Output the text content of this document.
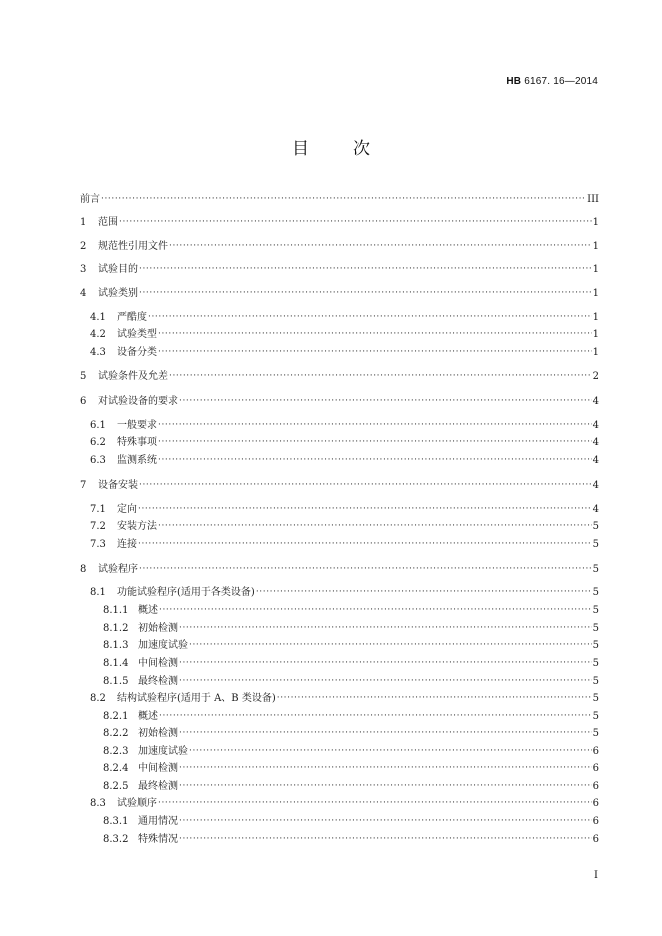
HB 6167. 16—2014
目次
前言 ·····	III
1	范围 ·····	1
2	规范性引用文件 ·····	1
3	试验目的 ·····	1
4	试验类别 ·····	1
4.1	严酷度 ·····	1
4.2	试验类型 ·····	1
4.3	设备分类 ·····	1
5	试验条件及允差 ·····	2
6	对试验设备的要求 ·····	4
6.1	一般要求 ·····	4
6.2	特殊事项 ·····	4
6.3	监测系统 ·····	4
7	设备安装 ·····	4
7.1	定向 ·····	4
7.2	安装方法 ·····	5
7.3	连接 ·····	5
8	试验程序 ·····	5
8.1	功能试验程序(适用于各类设备) ·····	5
8.1.1 概述 ·····	5
8.1.2 初始检测 ·····	5
8.1.3 加速度试验 ·····	5
8.1.4 中间检测 ·····	5
8.1.5 最终检测 ·····	5
8.2	结构试验程序(适用于 A、B 类设备) ·····	5
8.2.1 概述 ·····	5
8.2.2 初始检测 ·····	5
8.2.3 加速度试验 ·····	6
8.2.4 中间检测 ·····	6
8.2.5 最终检测 ·····	6
8.3	试验顺序 ·····	6
8.3.1 通用情况 ·····	6
8.3.2 特殊情况 ·····	6
I
